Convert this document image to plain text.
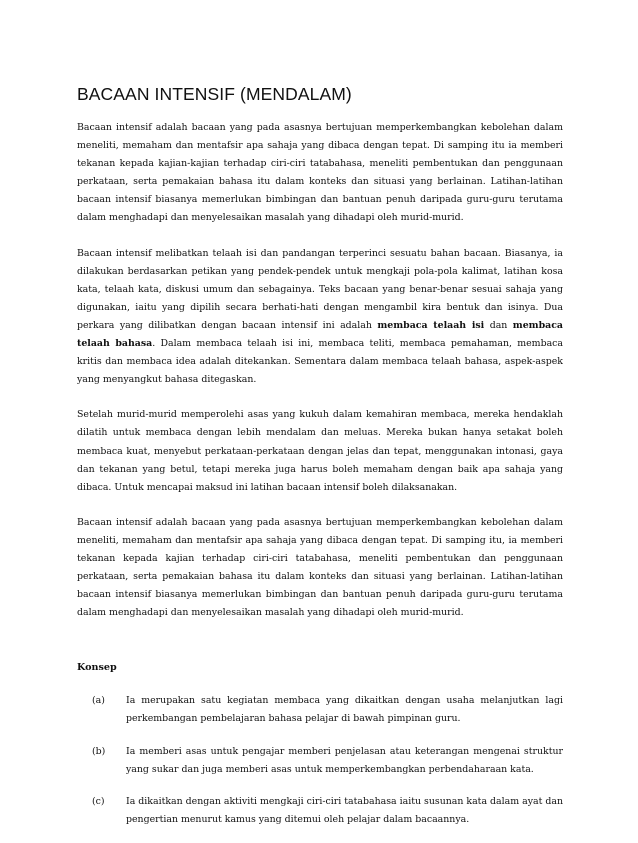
BACAAN INTENSIF (MENDALAM)

Bacaan intensif adalah bacaan yang pada asasnya bertujuan memperkembangkan kebolehan dalam meneliti, memaham dan mentafsir apa sahaja yang dibaca dengan tepat. Di samping itu ia memberi tekanan kepada kajian-kajian terhadap ciri-ciri tatabahasa, meneliti pembentukan dan penggunaan perkataan, serta pemakaian bahasa itu dalam konteks dan situasi yang berlainan. Latihan-latihan bacaan intensif biasanya memerlukan bimbingan dan bantuan penuh daripada guru-guru terutama dalam menghadapi dan menyelesaikan masalah yang dihadapi oleh murid-murid.

Bacaan intensif melibatkan telaah isi dan pandangan terperinci sesuatu bahan bacaan. Biasanya, ia dilakukan berdasarkan petikan yang pendek-pendek untuk mengkaji pola-pola kalimat, latihan kosa kata, telaah kata, diskusi umum dan sebagainya. Teks bacaan yang benar-benar sesuai sahaja yang digunakan, iaitu yang dipilih secara berhati-hati dengan mengambil kira bentuk dan isinya. Dua perkara yang dilibatkan dengan bacaan intensif ini adalah membaca telaah isi dan membaca telaah bahasa. Dalam membaca telaah isi ini, membaca teliti, membaca pemahaman, membaca kritis dan membaca idea adalah ditekankan. Sementara dalam membaca telaah bahasa, aspek-aspek yang menyangkut bahasa ditegaskan.

Setelah murid-murid memperolehi asas yang kukuh dalam kemahiran membaca, mereka hendaklah dilatih untuk membaca dengan lebih mendalam dan meluas. Mereka bukan hanya setakat boleh membaca kuat, menyebut perkataan-perkataan dengan jelas dan tepat, menggunakan intonasi, gaya dan tekanan yang betul, tetapi mereka juga harus boleh memaham dengan baik apa sahaja yang dibaca. Untuk mencapai maksud ini latihan bacaan intensif boleh dilaksanakan.

Bacaan intensif adalah bacaan yang pada asasnya bertujuan memperkembangkan kebolehan dalam meneliti, memaham dan mentafsir apa sahaja yang dibaca dengan tepat. Di samping itu, ia memberi tekanan kepada kajian terhadap ciri-ciri tatabahasa, meneliti pembentukan dan penggunaan perkataan, serta pemakaian bahasa itu dalam konteks dan situasi yang berlainan. Latihan-latihan bacaan intensif biasanya memerlukan bimbingan dan bantuan penuh daripada guru-guru terutama dalam menghadapi dan menyelesaikan masalah yang dihadapi oleh murid-murid.

Konsep
(a) Ia merupakan satu kegiatan membaca yang dikaitkan dengan usaha melanjutkan lagi perkembangan pembelajaran bahasa pelajar di bawah pimpinan guru.
(b) Ia memberi asas untuk pengajar memberi penjelasan atau keterangan mengenai struktur yang sukar dan juga memberi asas untuk memperkembangkan perbendaharaan kata.
(c) Ia dikaitkan dengan aktiviti mengkaji ciri-ciri tatabahasa iaitu susunan kata dalam ayat dan pengertian menurut kamus yang ditemui oleh pelajar dalam bacaannya.
